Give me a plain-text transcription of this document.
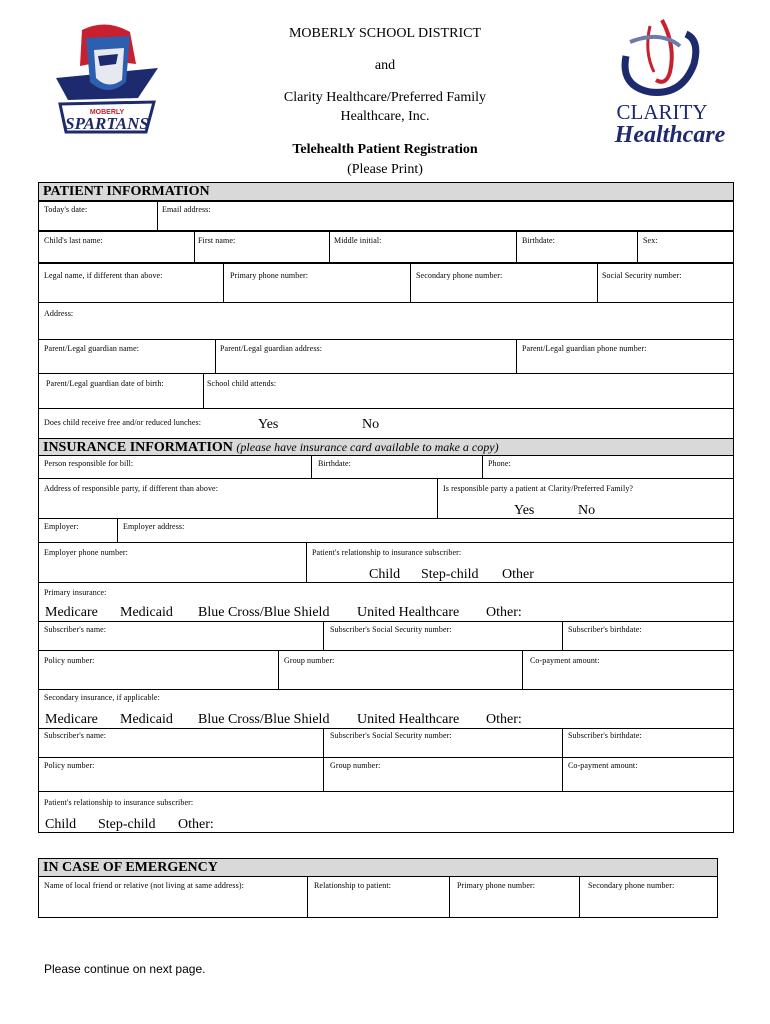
MOBERLY
SPARTANS	CLARITY
Healthcare
MOBERLY SCHOOL DISTRICT
and
Clarity Healthcare/Preferred Family
Healthcare, Inc.
Telehealth Patient Registration
(Please Print)
PATIENT INFORMATION
Today's date:	Email address:
Child's last name:	First name:	Middle initial:	Birthdate:	Sex:
Legal name, if different than above:	Primary phone number:	Secondary phone number:	Social Security number:
Address:
Parent/Legal guardian name:	Parent/Legal guardian address:	Parent/Legal guardian phone number:
Parent/Legal guardian date of birth:	School child attends:
Does child receive free and/or reduced lunches:	Yes	No
INSURANCE INFORMATION (please have insurance card available to make a copy)
Person responsible for bill:	Birthdate:	Phone:
Address of responsible party, if different than above:	Is responsible party a patient at Clarity/Preferred Family?
Yes	No
Employer:	Employer address:
Employer phone number:	Patient's relationship to insurance subscriber:
Child Step-child Other
Primary insurance:
Medicare Medicaid Blue Cross/Blue Shield United Healthcare Other:
Subscriber's name:	Subscriber's Social Security number:	Subscriber's birthdate:
Policy number:	Group number:	Co-payment amount:
Secondary insurance, if applicable:
Medicare Medicaid Blue Cross/Blue Shield United Healthcare Other:
Subscriber's name:	Subscriber's Social Security number:	Subscriber's birthdate:
Policy number:	Group number:	Co-payment amount:
Patient's relationship to insurance subscriber:
Child Step-child Other:
IN CASE OF EMERGENCY
Name of local friend or relative (not living at same address):	Relationship to patient:	Primary phone number:	Secondary phone number:
Please continue on next page.
